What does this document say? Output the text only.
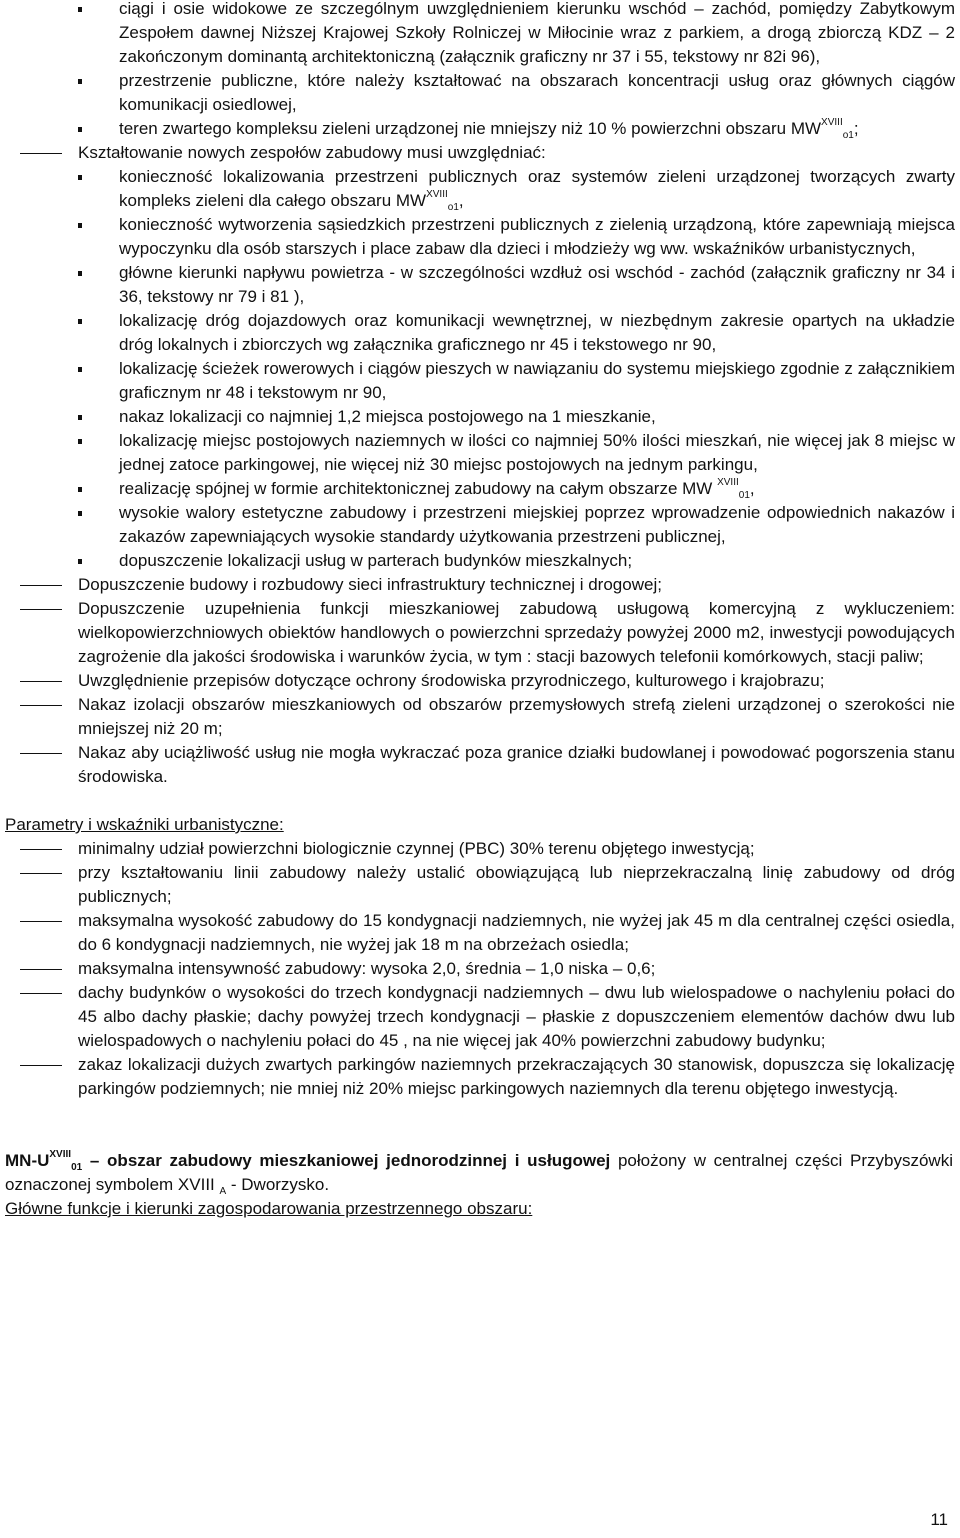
ciągi i osie widokowe ze szczególnym uwzględnieniem kierunku wschód – zachód, pomiędzy Zabytkowym Zespołem dawnej Niższej Krajowej Szkoły Rolniczej w Miłocinie wraz z parkiem, a drogą zbiorczą KDZ – 2 zakończonym dominantą architektoniczną (załącznik graficzny nr 37 i 55, tekstowy nr 82i 96),

przestrzenie publiczne, które należy kształtować na obszarach koncentracji usług oraz głównych ciągów komunikacji osiedlowej,

teren zwartego kompleksu zieleni urządzonej nie mniejszy niż 10 % powierzchni obszaru $MW^{XVIII}_{o1}$;

Kształtowanie nowych zespołów zabudowy musi uwzględniać:

konieczność lokalizowania przestrzeni publicznych oraz systemów zieleni urządzonej tworzących zwarty kompleks zieleni dla całego obszaru $MW^{XVIII}_{o1}$,

konieczność wytworzenia sąsiedzkich przestrzeni publicznych z zielenią urządzoną, które zapewniają miejsca wypoczynku dla osób starszych i place zabaw dla dzieci i młodzieży wg ww. wskaźników urbanistycznych,

główne kierunki napływu powietrza - w szczególności wzdłuż osi wschód - zachód (załącznik graficzny nr 34 i 36, tekstowy nr 79 i 81 ),

lokalizację dróg dojazdowych oraz komunikacji wewnętrznej, w niezbędnym zakresie opartych na układzie dróg lokalnych i zbiorczych wg załącznika graficznego nr 45 i tekstowego nr 90,

lokalizację ścieżek rowerowych i ciągów pieszych w nawiązaniu do systemu miejskiego zgodnie z załącznikiem graficznym nr 48 i tekstowym nr 90,

nakaz lokalizacji co najmniej 1,2 miejsca postojowego na 1 mieszkanie,

lokalizację miejsc postojowych naziemnych w ilości co najmniej 50% ilości mieszkań, nie więcej jak 8 miejsc w jednej zatoce parkingowej, nie więcej niż 30 miejsc postojowych na jednym parkingu,

realizację spójnej w formie architektonicznej zabudowy na całym obszarze MW $^{XVIII}_{01}$,

wysokie walory estetyczne zabudowy i przestrzeni miejskiej poprzez wprowadzenie odpowiednich nakazów i zakazów zapewniających wysokie standardy użytkowania przestrzeni publicznej,

dopuszczenie lokalizacji usług w parterach budynków mieszkalnych;

Dopuszczenie budowy i rozbudowy sieci infrastruktury technicznej i drogowej;

Dopuszczenie uzupełnienia funkcji mieszkaniowej zabudową usługową komercyjną z wykluczeniem: wielkopowierzchniowych obiektów handlowych o powierzchni sprzedaży powyżej 2000 m2, inwestycji powodujących zagrożenie dla jakości środowiska i warunków życia, w tym : stacji bazowych telefonii komórkowych, stacji paliw;

Uwzględnienie przepisów dotyczące ochrony środowiska przyrodniczego, kulturowego i krajobrazu;

Nakaz izolacji obszarów mieszkaniowych od obszarów przemysłowych strefą zieleni urządzonej o szerokości nie mniejszej niż 20 m;

Nakaz aby uciążliwość usług nie mogła wykraczać poza granice działki budowlanej i powodować pogorszenia stanu środowiska.

Parametry i wskaźniki urbanistyczne:

minimalny udział powierzchni biologicznie czynnej (PBC) 30% terenu objętego inwestycją;

przy kształtowaniu linii zabudowy należy ustalić obowiązującą lub nieprzekraczalną linię zabudowy od dróg publicznych;

maksymalna wysokość zabudowy do 15 kondygnacji nadziemnych, nie wyżej jak 45 m dla centralnej części osiedla, do 6 kondygnacji nadziemnych, nie wyżej jak 18 m na obrzeżach osiedla;

maksymalna intensywność zabudowy: wysoka 2,0, średnia – 1,0 niska – 0,6;

dachy budynków o wysokości do trzech kondygnacji nadziemnych – dwu lub wielospadowe o nachyleniu połaci do 45 albo dachy płaskie; dachy powyżej trzech kondygnacji – płaskie z dopuszczeniem elementów dachów dwu lub wielospadowych o nachyleniu połaci do 45 , na nie więcej jak 40% powierzchni zabudowy budynku;

zakaz lokalizacji dużych zwartych parkingów naziemnych przekraczających 30 stanowisk, dopuszcza się lokalizację parkingów podziemnych; nie mniej niż 20% miejsc parkingowych naziemnych dla terenu objętego inwestycją.

$MN-U^{XVIII}_{01}$ – obszar zabudowy mieszkaniowej jednorodzinnej i usługowej położony w centralnej części Przybyszówki oznaczonej symbolem XVIII $_A$ - Dworzysko.

Główne funkcje i kierunki zagospodarowania przestrzennego obszaru:

11
